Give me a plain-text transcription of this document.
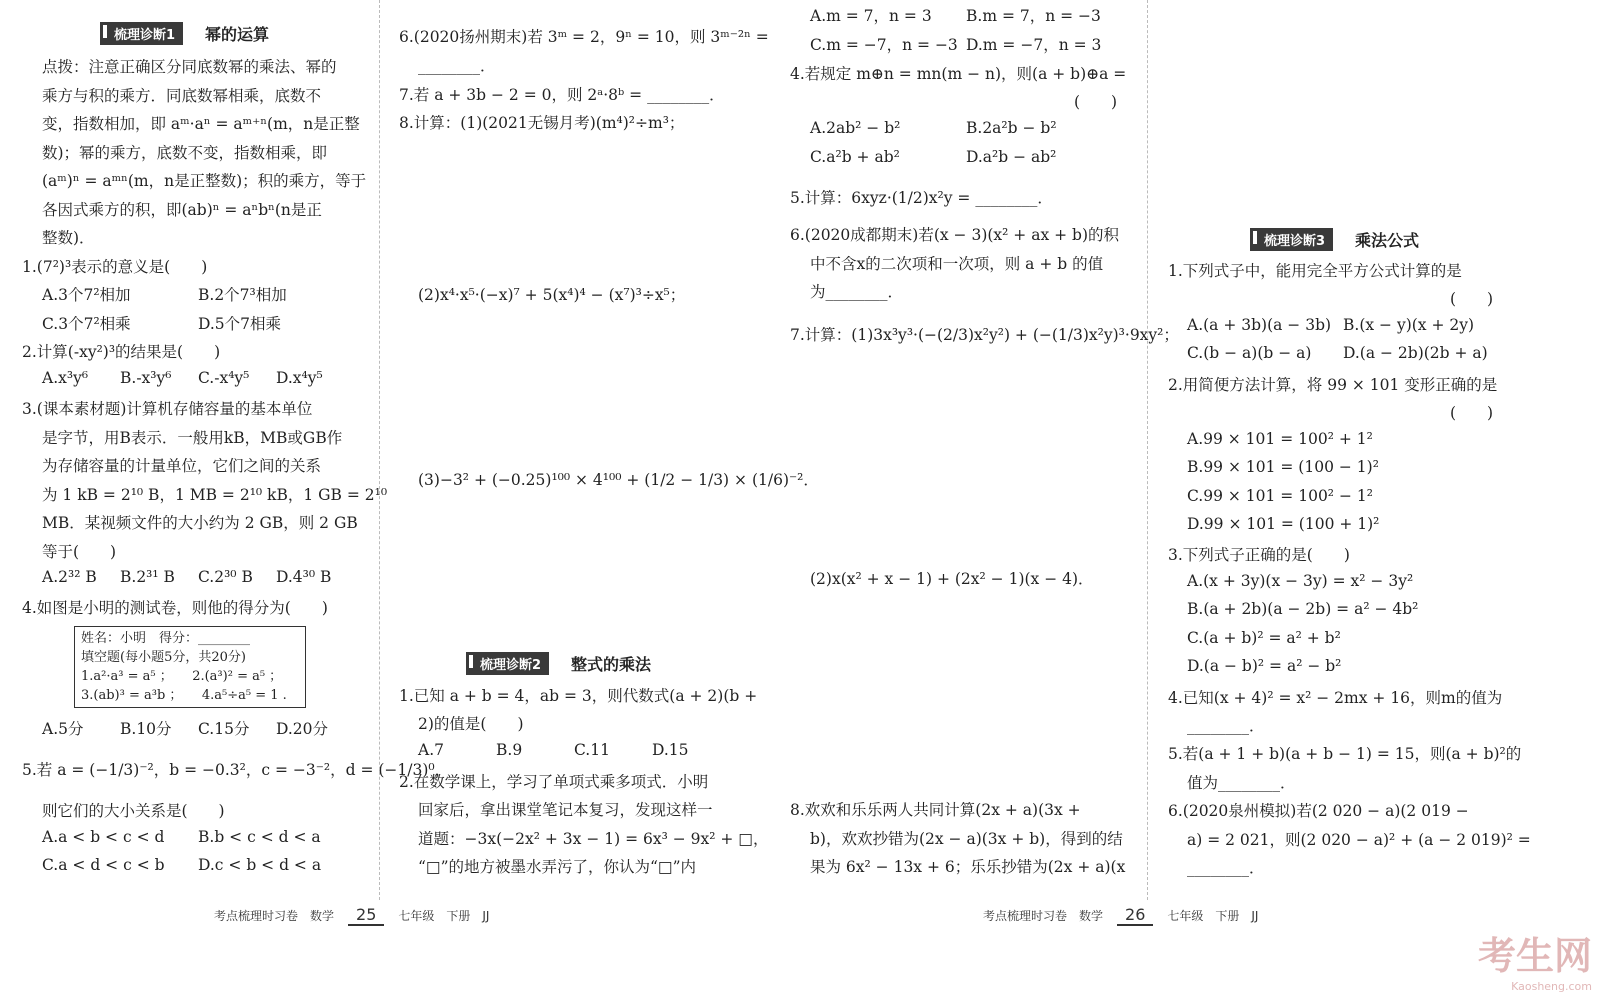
梳理诊断1	幂的运算
点拨：注意正确区分同底数幂的乘法、幂的
乘方与积的乘方．同底数幂相乘，底数不
变，指数相加，即 aᵐ·aⁿ = aᵐ⁺ⁿ(m，n是正整
数)；幂的乘方，底数不变，指数相乘，即
(aᵐ)ⁿ = aᵐⁿ(m，n是正整数)；积的乘方，等于
各因式乘方的积，即(ab)ⁿ = aⁿbⁿ(n是正
整数)．
1.(7²)³表示的意义是(　　)
A.3个7²相加	B.2个7³相加
C.3个7²相乘	D.5个7相乘
2.计算(-xy²)³的结果是(　　)
A.x³y⁶ B.-x³y⁶ C.-x⁴y⁵ D.x⁴y⁵
3.(课本素材题)计算机存储容量的基本单位
是字节，用B表示．一般用kB，MB或GB作
为存储容量的计量单位，它们之间的关系
为 1 kB = 2¹⁰ B，1 MB = 2¹⁰ kB，1 GB = 2¹⁰
MB．某视频文件的大小约为 2 GB，则 2 GB
等于(　　)
A.2³² B B.2³¹ B C.2³⁰ B D.4³⁰ B
4.如图是小明的测试卷，则他的得分为(　　)
姓名：小明　得分：________
填空题(每小题5分，共20分)
1.a²·a³ = a⁵ ；　　2.(a³)² = a⁵ ；
3.(ab)³ = a³b ；　　4.a⁵÷a⁵ = 1 .
A.5分 B.10分 C.15分 D.20分
5.若 a = (−1/3)⁻²，b = −0.3²，c = −3⁻²，d = (−1/3)⁰，
则它们的大小关系是(　　)
A.a < b < c < d B.b < c < d < a
C.a < d < c < b D.c < b < d < a
6.(2020扬州期末)若 3ᵐ = 2，9ⁿ = 10，则 3ᵐ⁻²ⁿ =
________．
7.若 a + 3b − 2 = 0，则 2ᵃ·8ᵇ = ________．
8.计算：(1)(2021无锡月考)(m⁴)²÷m³；
(2)x⁴·x⁵·(−x)⁷ + 5(x⁴)⁴ − (x⁷)³÷x⁵；
(3)−3² + (−0.25)¹⁰⁰ × 4¹⁰⁰ + (1/2 − 1/3) × (1/6)⁻²．
梳理诊断2	整式的乘法
1.已知 a + b = 4，ab = 3，则代数式(a + 2)(b +
2)的值是(　　)
A.7	B.9	C.11	D.15
2.在数学课上，学习了单项式乘多项式．小明
回家后，拿出课堂笔记本复习，发现这样一
道题：−3x(−2x² + 3x − 1) = 6x³ − 9x² + □，
“□”的地方被墨水弄污了，你认为“□”内
考点梳理时习卷　数学	25	七年级　下册　JJ
A.m = 7，n = 3 B.m = 7，n = −3
C.m = −7，n = −3 D.m = −7，n = 3
4.若规定 m⊕n = mn(m − n)，则(a + b)⊕a =
(　　)
A.2ab² − b²	B.2a²b − b²
C.a²b + ab²	D.a²b − ab²
5.计算：6xyz·(1/2)x²y = ________．
6.(2020成都期末)若(x − 3)(x² + ax + b)的积
中不含x的二次项和一次项，则 a + b 的值
为________．
7.计算：(1)3x³y³·(−(2/3)x²y²) + (−(1/3)x²y)³·9xy²；
(2)x(x² + x − 1) + (2x² − 1)(x − 4)．
8.欢欢和乐乐两人共同计算(2x + a)(3x +
b)，欢欢抄错为(2x − a)(3x + b)，得到的结
果为 6x² − 13x + 6；乐乐抄错为(2x + a)(x
梳理诊断3	乘法公式
1.下列式子中，能用完全平方公式计算的是
(　　)
A.(a + 3b)(a − 3b) B.(x − y)(x + 2y)
C.(b − a)(b − a) D.(a − 2b)(2b + a)
2.用简便方法计算，将 99 × 101 变形正确的是
(　　)
A.99 × 101 = 100² + 1²
B.99 × 101 = (100 − 1)²
C.99 × 101 = 100² − 1²
D.99 × 101 = (100 + 1)²
3.下列式子正确的是(　　)
A.(x + 3y)(x − 3y) = x² − 3y²
B.(a + 2b)(a − 2b) = a² − 4b²
C.(a + b)² = a² + b²
D.(a − b)² = a² − b²
4.已知(x + 4)² = x² − 2mx + 16，则m的值为
________．
5.若(a + 1 + b)(a + b − 1) = 15，则(a + b)²的
值为________．
6.(2020泉州模拟)若(2 020 − a)(2 019 −
a) = 2 021，则(2 020 − a)² + (a − 2 019)² =
________．
考点梳理时习卷　数学	26	七年级　下册　JJ
考生网
Kaosheng.com
